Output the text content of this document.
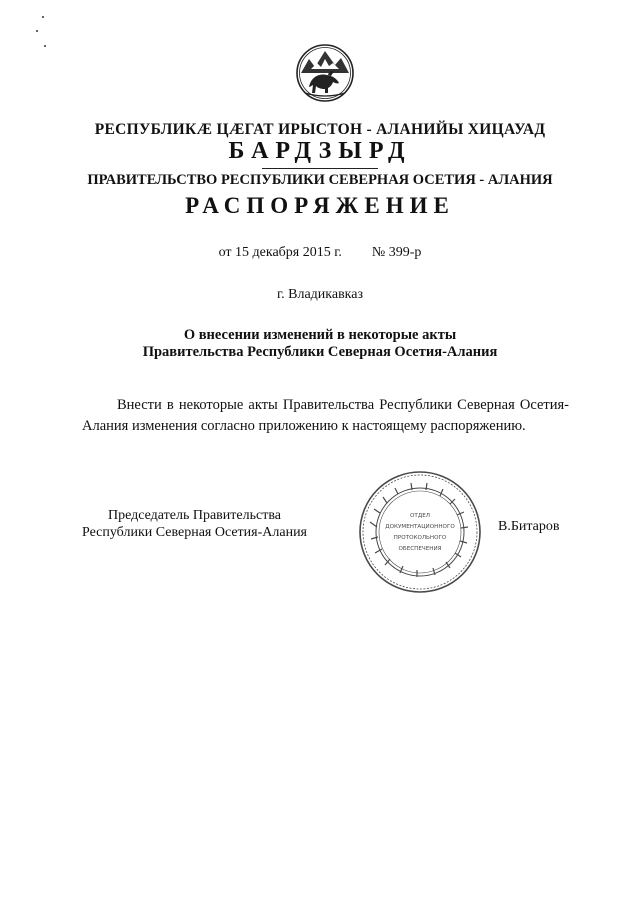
РЕСПУБЛИКÆ ЦÆГАТ ИРЫСТОН - АЛАНИЙЫ ХИЦАУАД
БАРДЗЫРД
ПРАВИТЕЛЬСТВО РЕСПУБЛИКИ СЕВЕРНАЯ ОСЕТИЯ - АЛАНИЯ
РАСПОРЯЖЕНИЕ
от 15 декабря 2015 г. № 399-р
г. Владикавказ
О внесении изменений в некоторые акты
Правительства Республики Северная Осетия-Алания
Внести в некоторые акты Правительства Республики Северная Осетия-Алания изменения согласно приложению к настоящему распоряжению.
Председатель Правительства
Республики Северная Осетия-Алания
ОТДЕЛ
ДОКУМЕНТАЦИОННОГО
ПРОТОКОЛЬНОГО
ОБЕСПЕЧЕНИЯ
В.Битаров
